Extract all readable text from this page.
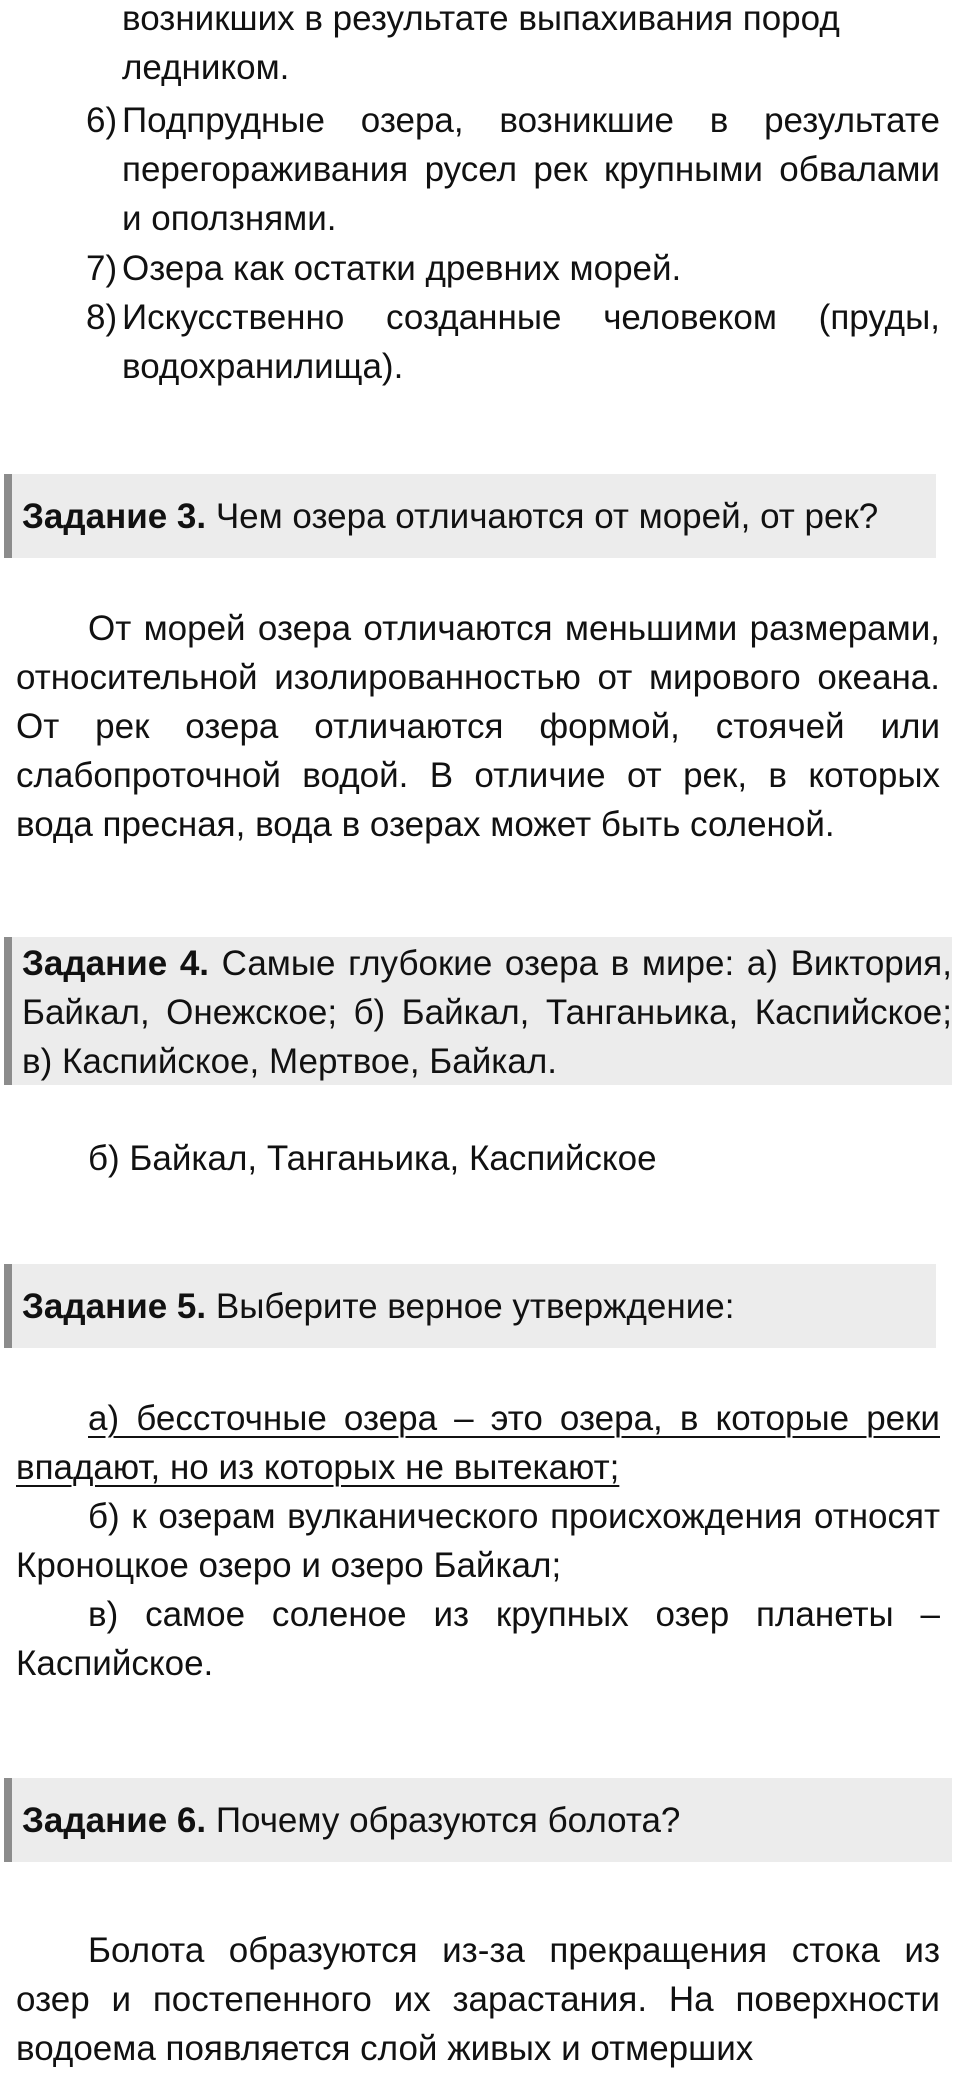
возникших в результате выпахивания пород
ледником.
6) Подпрудные озера, возникшие в результате перегораживания русел рек крупными обвалами и оползнями.
7) Озера как остатки древних морей.
8) Искусственно созданные человеком (пруды, водохранилища).
Задание 3. Чем озера отличаются от морей, от рек?

От морей озера отличаются меньшими размерами, относительной изолированностью от мирового океана. От рек озера отличаются формой, стоячей или слабопроточной водой. В отличие от рек, в которых вода пресная, вода в озерах может быть соленой.

Задание 4. Самые глубокие озера в мире: а) Виктория, Байкал, Онежское; б) Байкал, Танганьика, Каспийское; в) Каспийское, Мертвое, Байкал.
б) Байкал, Танганьика, Каспийское
Задание 5. Выберите верное утверждение:

а) бессточные озера – это озера, в которые реки впадают, но из которых не вытекают;

б) к озерам вулканического происхождения относят Кроноцкое озеро и озеро Байкал;

в) самое соленое из крупных озер планеты – Каспийское.

Задание 6. Почему образуются болота?

Болота образуются из-за прекращения стока из озер и постепенного их зарастания. На поверхности водоема появляется слой живых и отмерших
